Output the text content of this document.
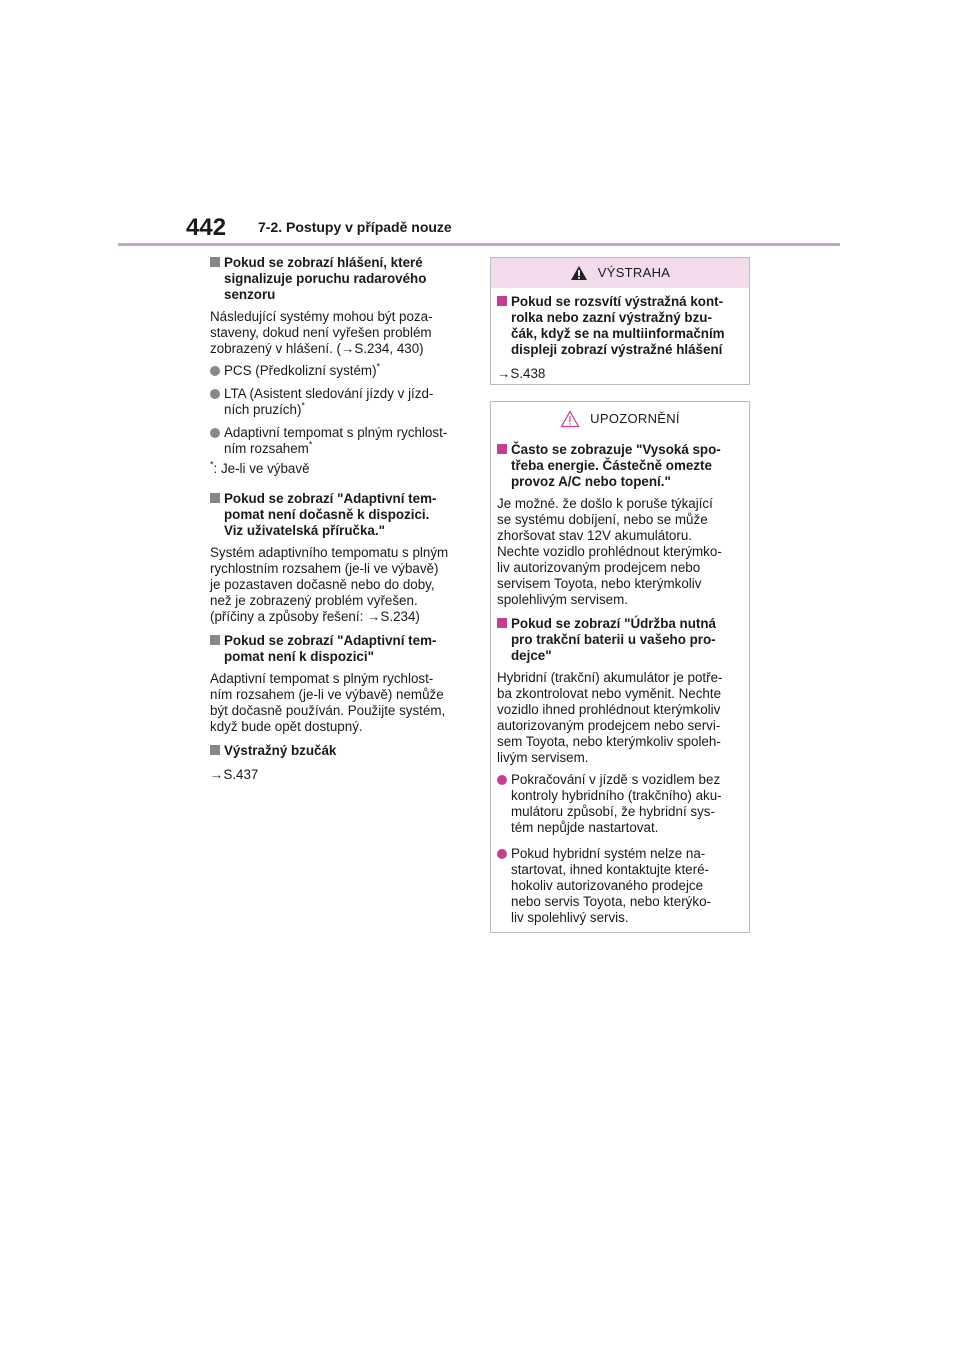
442 7-2. Postupy v případě nouze
Pokud se zobrazí hlášení, které
signalizuje poruchu radarového
senzoru
Následující systémy mohou být poza-
staveny, dokud není vyřešen problém
zobrazený v hlášení. (→S.234, 430)
PCS (Předkolizní systém)*
LTA (Asistent sledování jízdy v jízd-
ních pruzích)*
Adaptivní tempomat s plným rychlost-
ním rozsahem*
*: Je-li ve výbavě
Pokud se zobrazí "Adaptivní tem-
pomat není dočasně k dispozici.
Viz uživatelská příručka."
Systém adaptivního tempomatu s plným
rychlostním rozsahem (je-li ve výbavě)
je pozastaven dočasně nebo do doby,
než je zobrazený problém vyřešen.
(příčiny a způsoby řešení: →S.234)
Pokud se zobrazí "Adaptivní tem-
pomat není k dispozici"
Adaptivní tempomat s plným rychlost-
ním rozsahem (je-li ve výbavě) nemůže
být dočasně používán. Použijte systém,
když bude opět dostupný.
Výstražný bzučák
→S.437
VÝSTRAHA
Pokud se rozsvítí výstražná kont-
rolka nebo zazní výstražný bzu-
čák, když se na multiinformačním
displeji zobrazí výstražné hlášení
→S.438
UPOZORNĚNÍ
Často se zobrazuje "Vysoká spo-
třeba energie. Částečně omezte
provoz A/C nebo topení."
Je možné. že došlo k poruše týkající
se systému dobíjení, nebo se může
zhoršovat stav 12V akumulátoru.
Nechte vozidlo prohlédnout kterýmko-
liv autorizovaným prodejcem nebo
servisem Toyota, nebo kterýmkoliv
spolehlivým servisem.
Pokud se zobrazí "Údržba nutná
pro trakční baterii u vašeho pro-
dejce"
Hybridní (trakční) akumulátor je potře-
ba zkontrolovat nebo vyměnit. Nechte
vozidlo ihned prohlédnout kterýmkoliv
autorizovaným prodejcem nebo servi-
sem Toyota, nebo kterýmkoliv spoleh-
livým servisem.
Pokračování v jízdě s vozidlem bez
kontroly hybridního (trakčního) aku-
mulátoru způsobí, že hybridní sys-
tém nepůjde nastartovat.
Pokud hybridní systém nelze na-
startovat, ihned kontaktujte které-
hokoliv autorizovaného prodejce
nebo servis Toyota, nebo kterýko-
liv spolehlivý servis.
